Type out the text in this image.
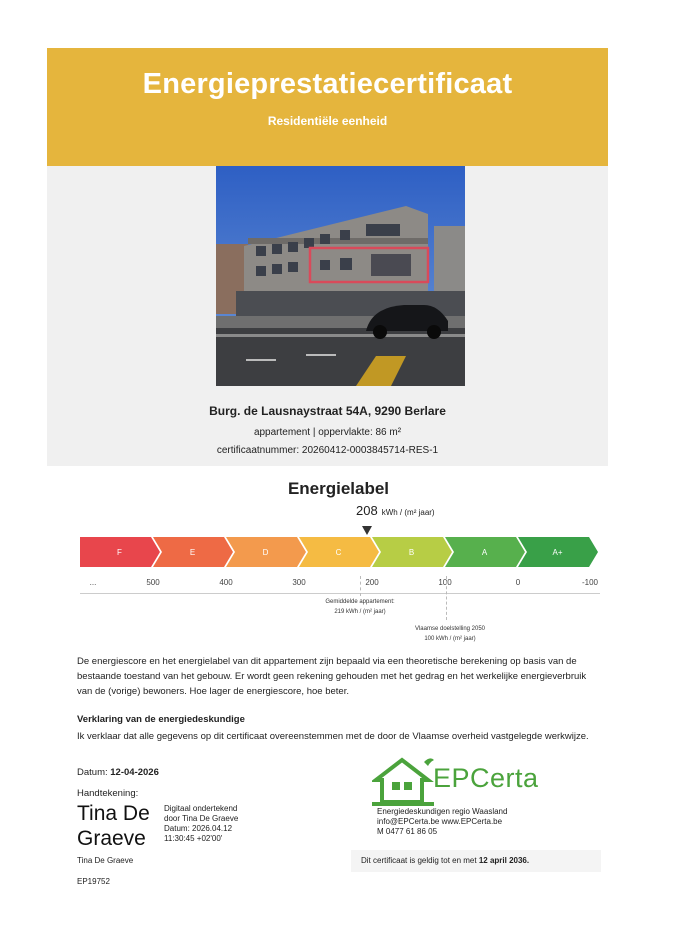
Energieprestatiecertificaat
Residentiële eenheid
Burg. de Lausnaystraat 54A, 9290 Berlare
appartement | oppervlakte: 86 m²
certificaatnummer: 20260412-0003845714-RES-1
Energielabel
208 kWh / (m² jaar)
F	E	D	C	B	A	A+
...	500	400	300	200	100	0	-100
Gemiddelde appartement:
219 kWh / (m² jaar)
Vlaamse doelstelling 2050
100 kWh / (m² jaar)
De energiescore en het energielabel van dit appartement zijn bepaald via een theoretische berekening op basis van de bestaande toestand van het gebouw. Er wordt geen rekening gehouden met het gedrag en het werkelijke energieverbruik van de (vorige) bewoners. Hoe lager de energiescore, hoe beter.
Verklaring van de energiedeskundige
Ik verklaar dat alle gegevens op dit certificaat overeenstemmen met de door de Vlaamse overheid vastgelegde werkwijze.
Datum: 12-04-2026
Handtekening:
Tina De
Graeve
Digitaal ondertekend
door Tina De Graeve
Datum: 2026.04.12
11:30:45 +02'00'
Tina De Graeve
EP19752
EPCerta
Energiedeskundigen regio Waasland
info@EPCerta.be www.EPCerta.be
M 0477 61 86 05
Dit certificaat is geldig tot en met 12 april 2036.
